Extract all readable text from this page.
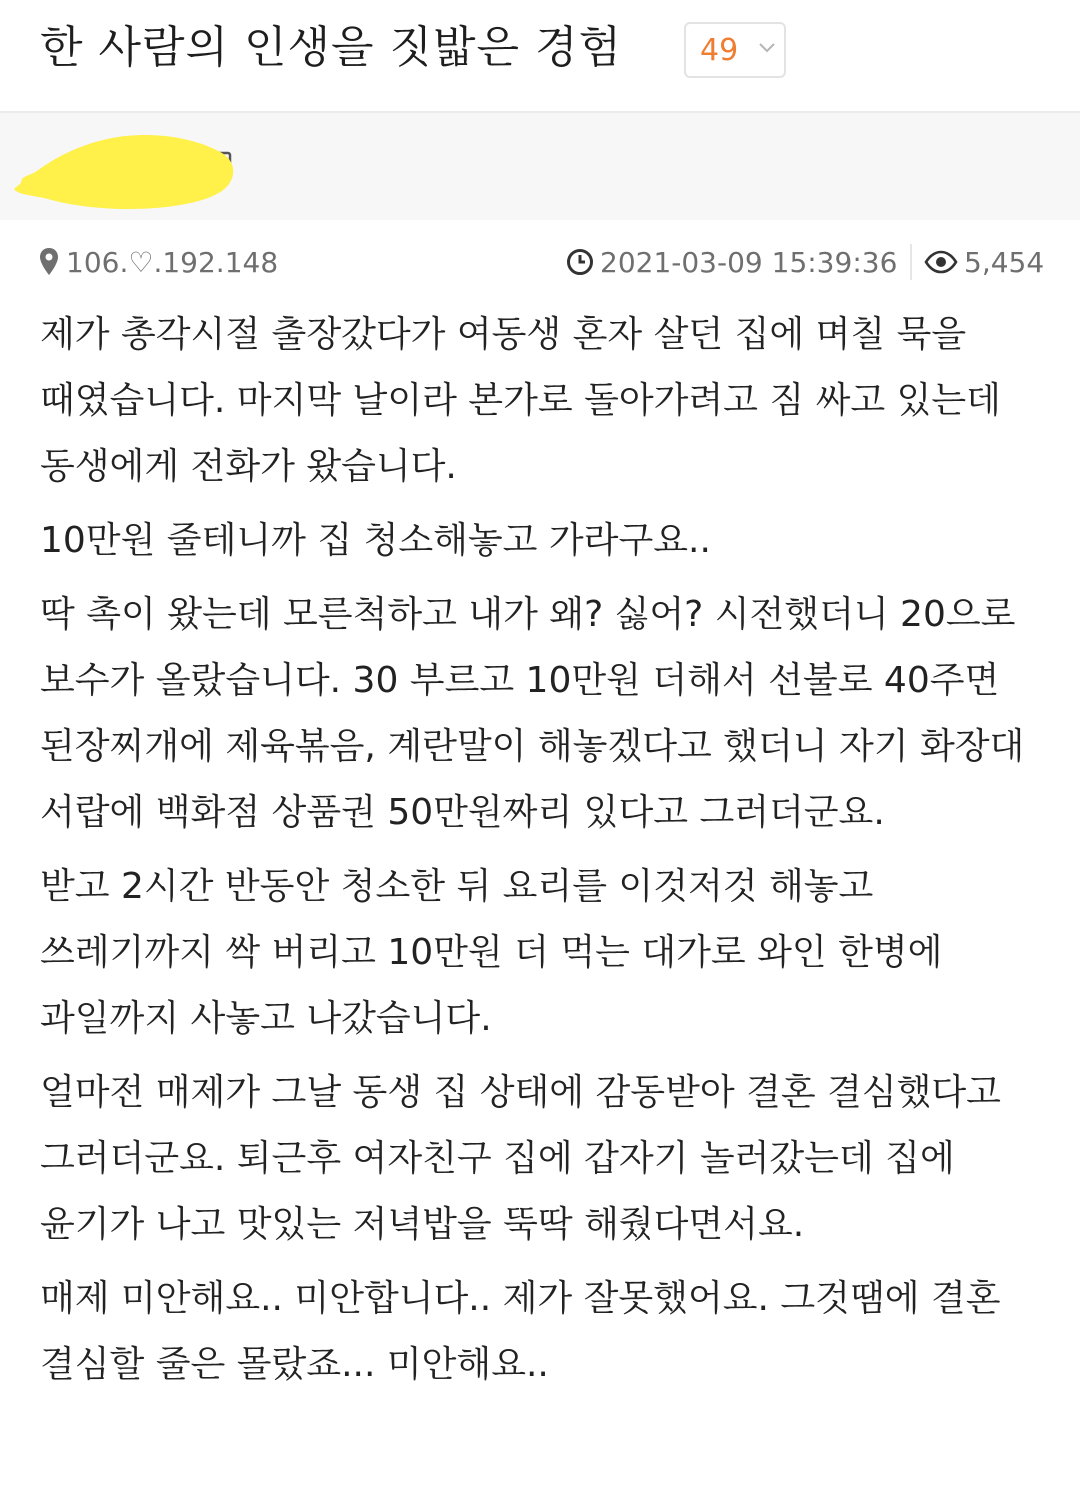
한 사람의 인생을 짓밟은 경험	49
106.♡.192.148	2021-03-09 15:39:36 5,454

제가 총각시절 출장갔다가 여동생 혼자 살던 집에 며칠 묵을 때였습니다. 마지막 날이라 본가로 돌아가려고 짐 싸고 있는데 동생에게 전화가 왔습니다.

10만원 줄테니까 집 청소해놓고 가라구요..

딱 촉이 왔는데 모른척하고 내가 왜? 싫어? 시전했더니 20으로 보수가 올랐습니다. 30 부르고 10만원 더해서 선불로 40주면 된장찌개에 제육볶음, 계란말이 해놓겠다고 했더니 자기 화장대 서랍에 백화점 상품권 50만원짜리 있다고 그러더군요.

받고 2시간 반동안 청소한 뒤 요리를 이것저것 해놓고 쓰레기까지 싹 버리고 10만원 더 먹는 대가로 와인 한병에 과일까지 사놓고 나갔습니다.

얼마전 매제가 그날 동생 집 상태에 감동받아 결혼 결심했다고 그러더군요. 퇴근후 여자친구 집에 갑자기 놀러갔는데 집에 윤기가 나고 맛있는 저녁밥을 뚝딱 해줬다면서요.

매제 미안해요.. 미안합니다.. 제가 잘못했어요. 그것땜에 결혼 결심할 줄은 몰랐죠... 미안해요..
